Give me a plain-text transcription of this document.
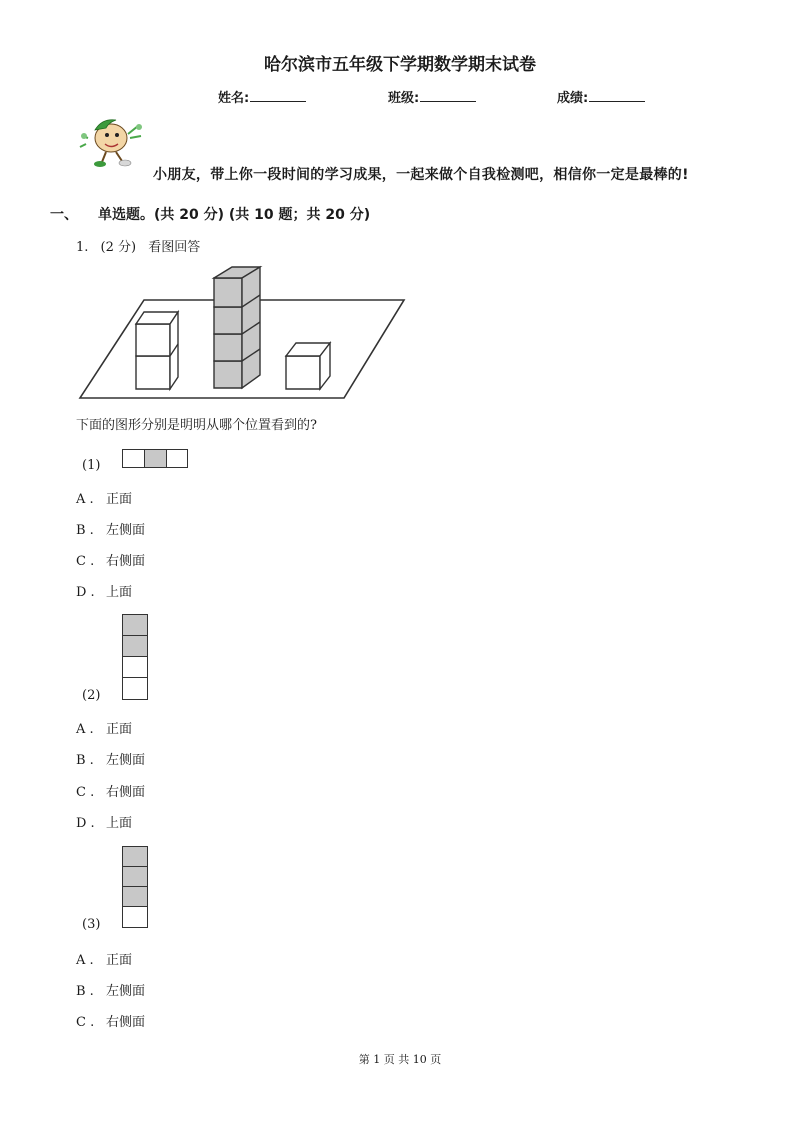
哈尔滨市五年级下学期数学期末试卷
姓名:	班级:	成绩:
小朋友，带上你一段时间的学习成果，一起来做个自我检测吧，相信你一定是最棒的!
一、 单选题。(共 20 分) (共 10 题；共 20 分)
1. (2 分) 看图回答
下面的图形分别是明明从哪个位置看到的?
(1)
A . 正面
B . 左侧面
C . 右侧面
D . 上面
(2)
A . 正面
B . 左侧面
C . 右侧面
D . 上面
(3)
A . 正面
B . 左侧面
C . 右侧面
第 1 页 共 10 页
